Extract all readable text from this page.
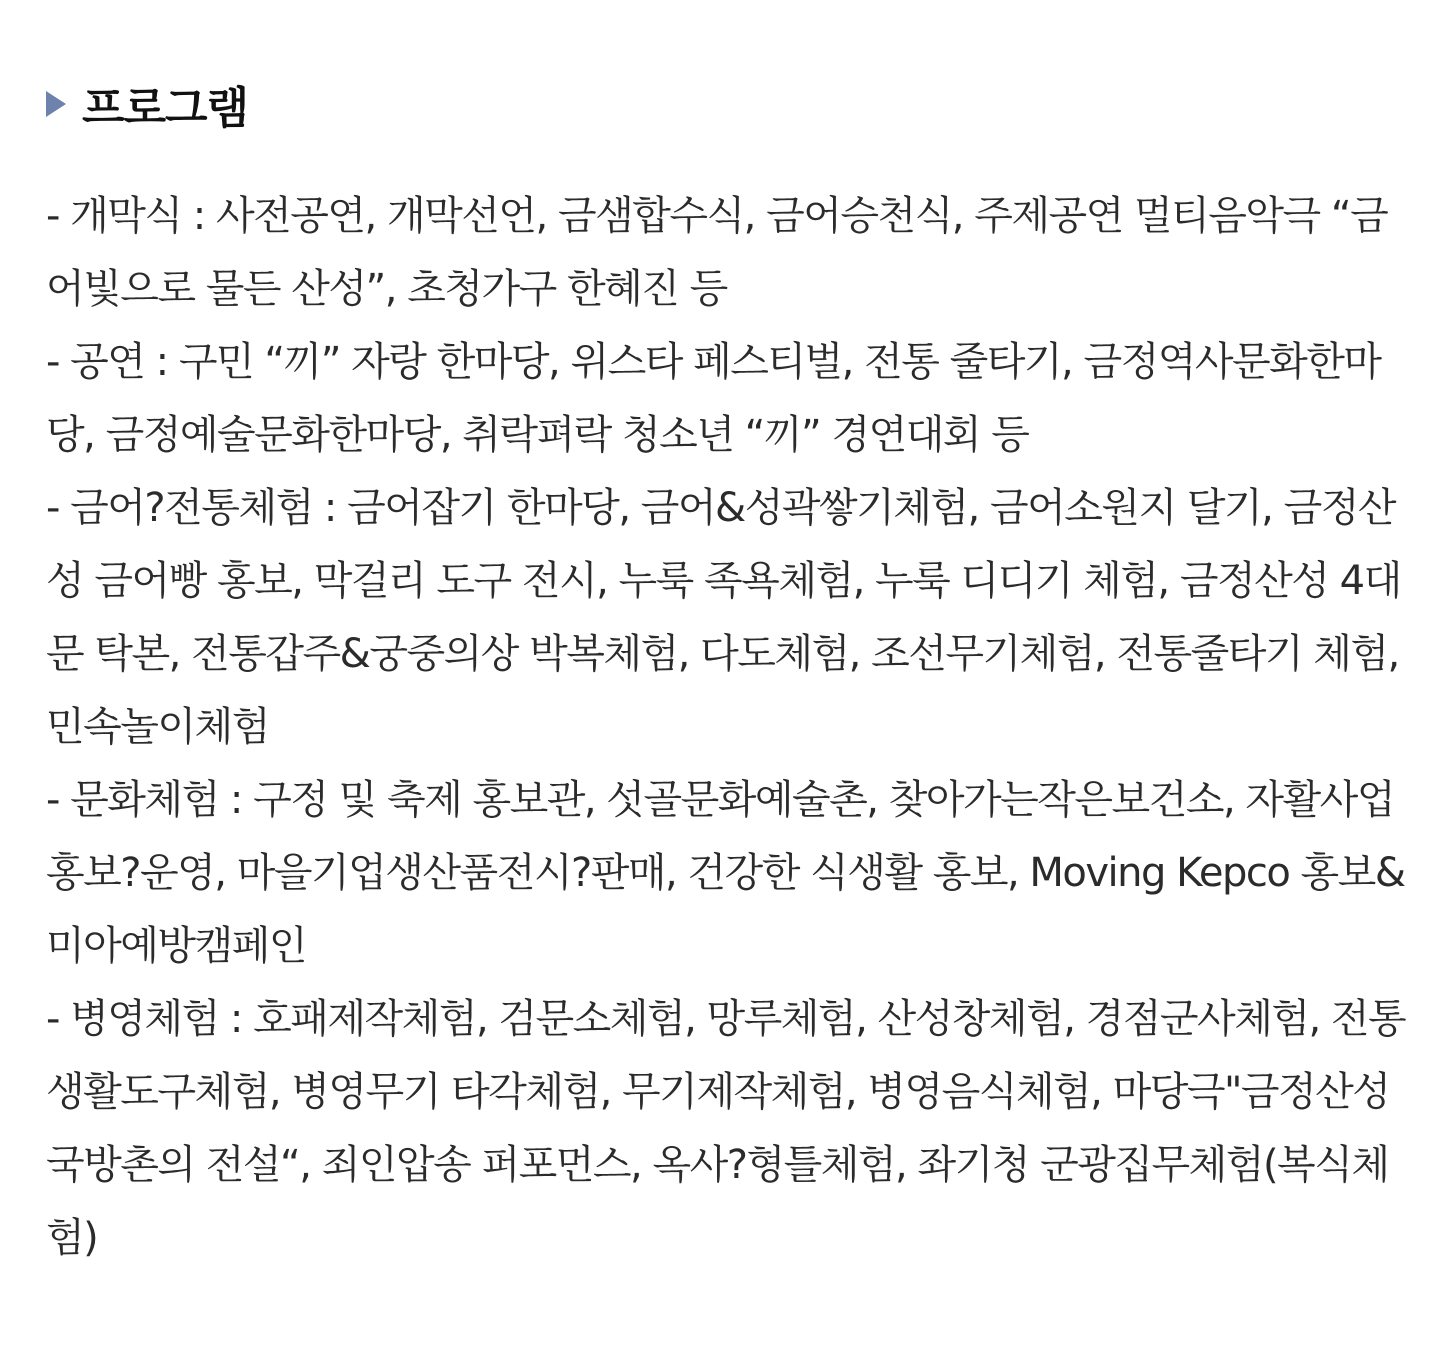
프로그램

- 개막식 : 사전공연, 개막선언, 금샘합수식, 금어승천식, 주제공연 멀티음악극 “금어빛으로 물든 산성”, 초청가구 한혜진 등

- 공연 : 구민 “끼” 자랑 한마당, 위스타 페스티벌, 전통 줄타기, 금정역사문화한마당, 금정예술문화한마당, 취락펴락 청소년 “끼” 경연대회 등

- 금어?전통체험 : 금어잡기 한마당, 금어&성곽쌓기체험, 금어소원지 달기, 금정산성 금어빵 홍보, 막걸리 도구 전시, 누룩 족욕체험, 누룩 디디기 체험, 금정산성 4대문 탁본, 전통갑주&궁중의상 박복체험, 다도체험, 조선무기체험, 전통줄타기 체험, 민속놀이체험

- 문화체험 : 구정 및 축제 홍보관, 섯골문화예술촌, 찾아가는작은보건소, 자활사업홍보?운영, 마을기업생산품전시?판매, 건강한 식생활 홍보, Moving Kepco 홍보&미아예방캠페인

- 병영체험 : 호패제작체험, 검문소체험, 망루체험, 산성창체험, 경점군사체험, 전통생활도구체험, 병영무기 타각체험, 무기제작체험, 병영음식체험, 마당극"금정산성 국방촌의 전설“, 죄인압송 퍼포먼스, 옥사?형틀체험, 좌기청 군광집무체험(복식체험)
